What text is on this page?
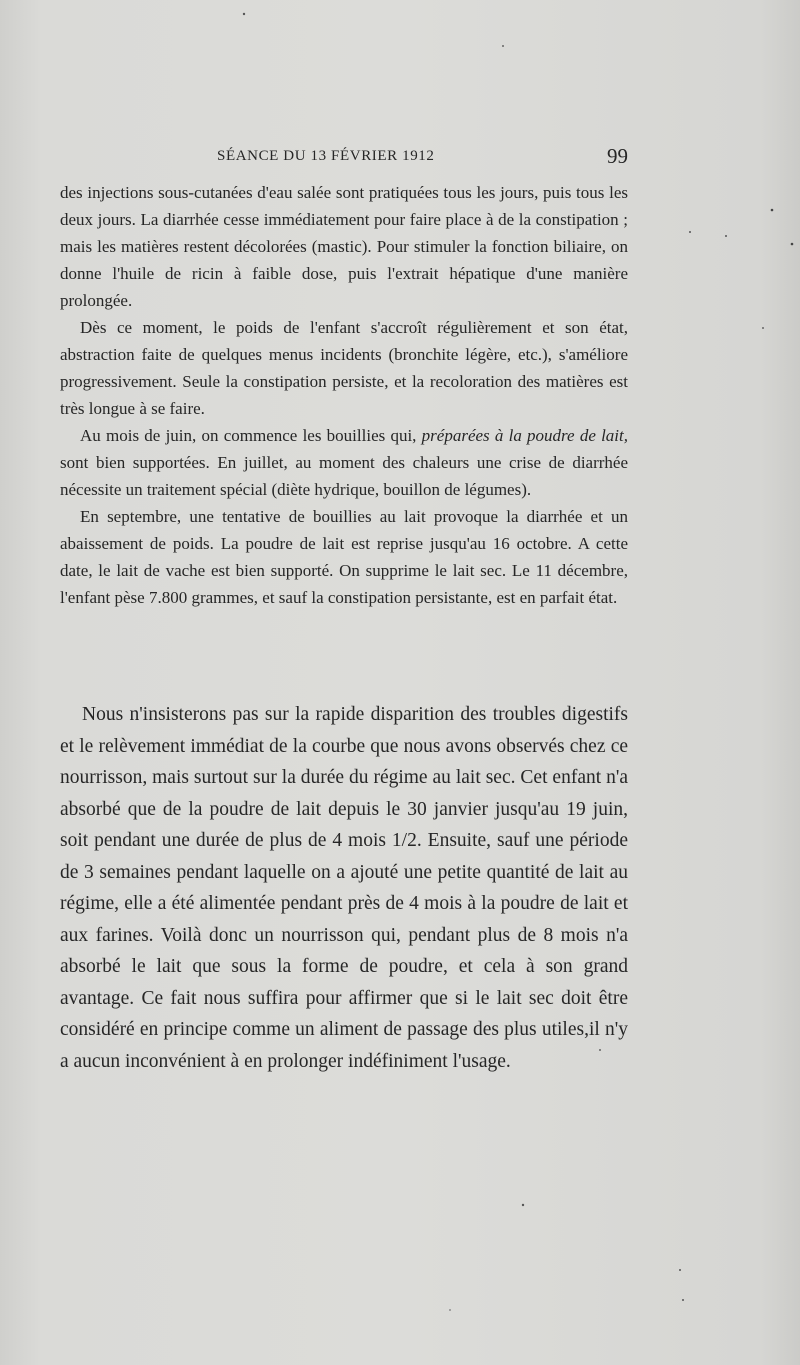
SÉANCE DU 13 FÉVRIER 1912	99

des injections sous-cutanées d'eau salée sont pratiquées tous les jours, puis tous les deux jours. La diarrhée cesse immédiatement pour faire place à de la constipation ; mais les matières restent décolorées (mastic). Pour stimuler la fonction biliaire, on donne l'huile de ricin à faible dose, puis l'extrait hépatique d'une manière prolongée.

Dès ce moment, le poids de l'enfant s'accroît régulièrement et son état, abstraction faite de quelques menus incidents (bronchite légère, etc.), s'améliore progressivement. Seule la constipation persiste, et la recoloration des matières est très longue à se faire.

Au mois de juin, on commence les bouillies qui, préparées à la poudre de lait, sont bien supportées. En juillet, au moment des chaleurs une crise de diarrhée nécessite un traitement spécial (diète hydrique, bouillon de légumes).

En septembre, une tentative de bouillies au lait provoque la diarrhée et un abaissement de poids. La poudre de lait est reprise jusqu'au 16 octobre. A cette date, le lait de vache est bien supporté. On supprime le lait sec. Le 11 décembre, l'enfant pèse 7.800 grammes, et sauf la constipation persistante, est en parfait état.

Nous n'insisterons pas sur la rapide disparition des troubles digestifs et le relèvement immédiat de la courbe que nous avons observés chez ce nourrisson, mais surtout sur la durée du régime au lait sec. Cet enfant n'a absorbé que de la poudre de lait depuis le 30 janvier jusqu'au 19 juin, soit pendant une durée de plus de 4 mois 1/2. Ensuite, sauf une période de 3 semaines pendant laquelle on a ajouté une petite quantité de lait au régime, elle a été alimentée pendant près de 4 mois à la poudre de lait et aux farines. Voilà donc un nourrisson qui, pendant plus de 8 mois n'a absorbé le lait que sous la forme de poudre, et cela à son grand avantage. Ce fait nous suffira pour affirmer que si le lait sec doit être considéré en principe comme un aliment de passage des plus utiles,il n'y a aucun inconvénient à en prolonger indéfiniment l'usage.
